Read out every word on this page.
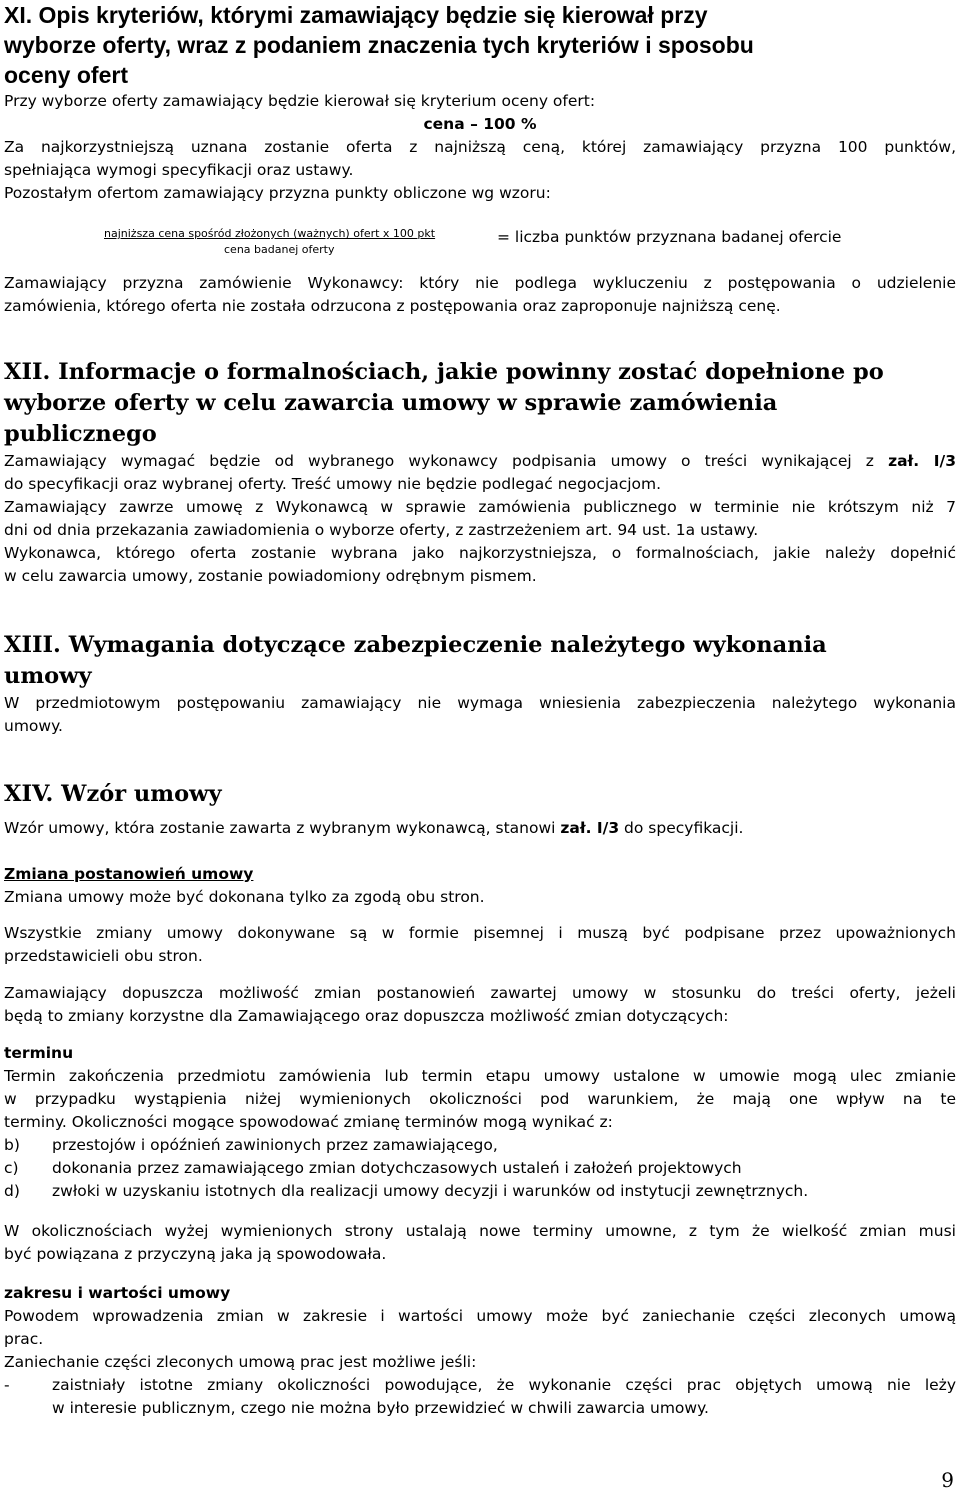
XI. Opis kryteriów, którymi zamawiający będzie się kierował przy

wyborze oferty, wraz z podaniem znaczenia tych kryteriów i sposobu

oceny ofert

Przy wyborze oferty zamawiający będzie kierował się kryterium oceny ofert:

cena – 100 %

Za najkorzystniejszą uznana zostanie oferta z najniższą ceną, której zamawiający przyzna 100 punktów,

spełniająca wymogi specyfikacji oraz ustawy.

Pozostałym ofertom zamawiający przyzna punkty obliczone wg wzoru:

najniższa cena spośród złożonych (ważnych) ofert x 100 pkt
cena badanej oferty
= liczba punktów przyznana badanej ofercie

Zamawiający przyzna zamówienie Wykonawcy: który nie podlega wykluczeniu z postępowania o udzielenie

zamówienia, którego oferta nie została odrzucona z postępowania oraz zaproponuje najniższą cenę.

XII. Informacje o formalnościach, jakie powinny zostać dopełnione po

wyborze oferty w celu zawarcia umowy w sprawie zamówienia

publicznego

Zamawiający wymagać będzie od wybranego wykonawcy podpisania umowy o treści wynikającej z zał. I/3

do specyfikacji oraz wybranej oferty. Treść umowy nie będzie podlegać negocjacjom.

Zamawiający zawrze umowę z Wykonawcą w sprawie zamówienia publicznego w terminie nie krótszym niż 7

dni od dnia przekazania zawiadomienia o wyborze oferty, z zastrzeżeniem art. 94 ust. 1a ustawy.

Wykonawca, którego oferta zostanie wybrana jako najkorzystniejsza, o formalnościach, jakie należy dopełnić

w celu zawarcia umowy, zostanie powiadomiony odrębnym pismem.

XIII. Wymagania dotyczące zabezpieczenie należytego wykonania

umowy

W przedmiotowym postępowaniu zamawiający nie wymaga wniesienia zabezpieczenia należytego wykonania

umowy.

XIV. Wzór umowy

Wzór umowy, która zostanie zawarta z wybranym wykonawcą, stanowi zał. I/3 do specyfikacji.

Zmiana postanowień umowy

Zmiana umowy może być dokonana tylko za zgodą obu stron.

Wszystkie zmiany umowy dokonywane są w formie pisemnej i muszą być podpisane przez upoważnionych

przedstawicieli obu stron.

Zamawiający dopuszcza możliwość zmian postanowień zawartej umowy w stosunku do treści oferty, jeżeli

będą to zmiany korzystne dla Zamawiającego oraz dopuszcza możliwość zmian dotyczących:

terminu

Termin zakończenia przedmiotu zamówienia lub termin etapu umowy ustalone w umowie mogą ulec zmianie

w przypadku wystąpienia niżej wymienionych okoliczności pod warunkiem, że mają one wpływ na te

terminy. Okoliczności mogące spowodować zmianę terminów mogą wynikać z:

b)	przestojów i opóźnień zawinionych przez zamawiającego,
c)	dokonania przez zamawiającego zmian dotychczasowych ustaleń i założeń projektowych
d)	zwłoki w uzyskaniu istotnych dla realizacji umowy decyzji i warunków od instytucji zewnętrznych.

W okolicznościach wyżej wymienionych strony ustalają nowe terminy umowne, z tym że wielkość zmian musi

być powiązana z przyczyną jaka ją spowodowała.

zakresu i wartości umowy

Powodem wprowadzenia zmian w zakresie i wartości umowy może być zaniechanie części zleconych umową

prac.

Zaniechanie części zleconych umową prac jest możliwe jeśli:

-	zaistniały istotne zmiany okoliczności powodujące, że wykonanie części prac objętych umową nie leży
w interesie publicznym, czego nie można było przewidzieć w chwili zawarcia umowy.
9
